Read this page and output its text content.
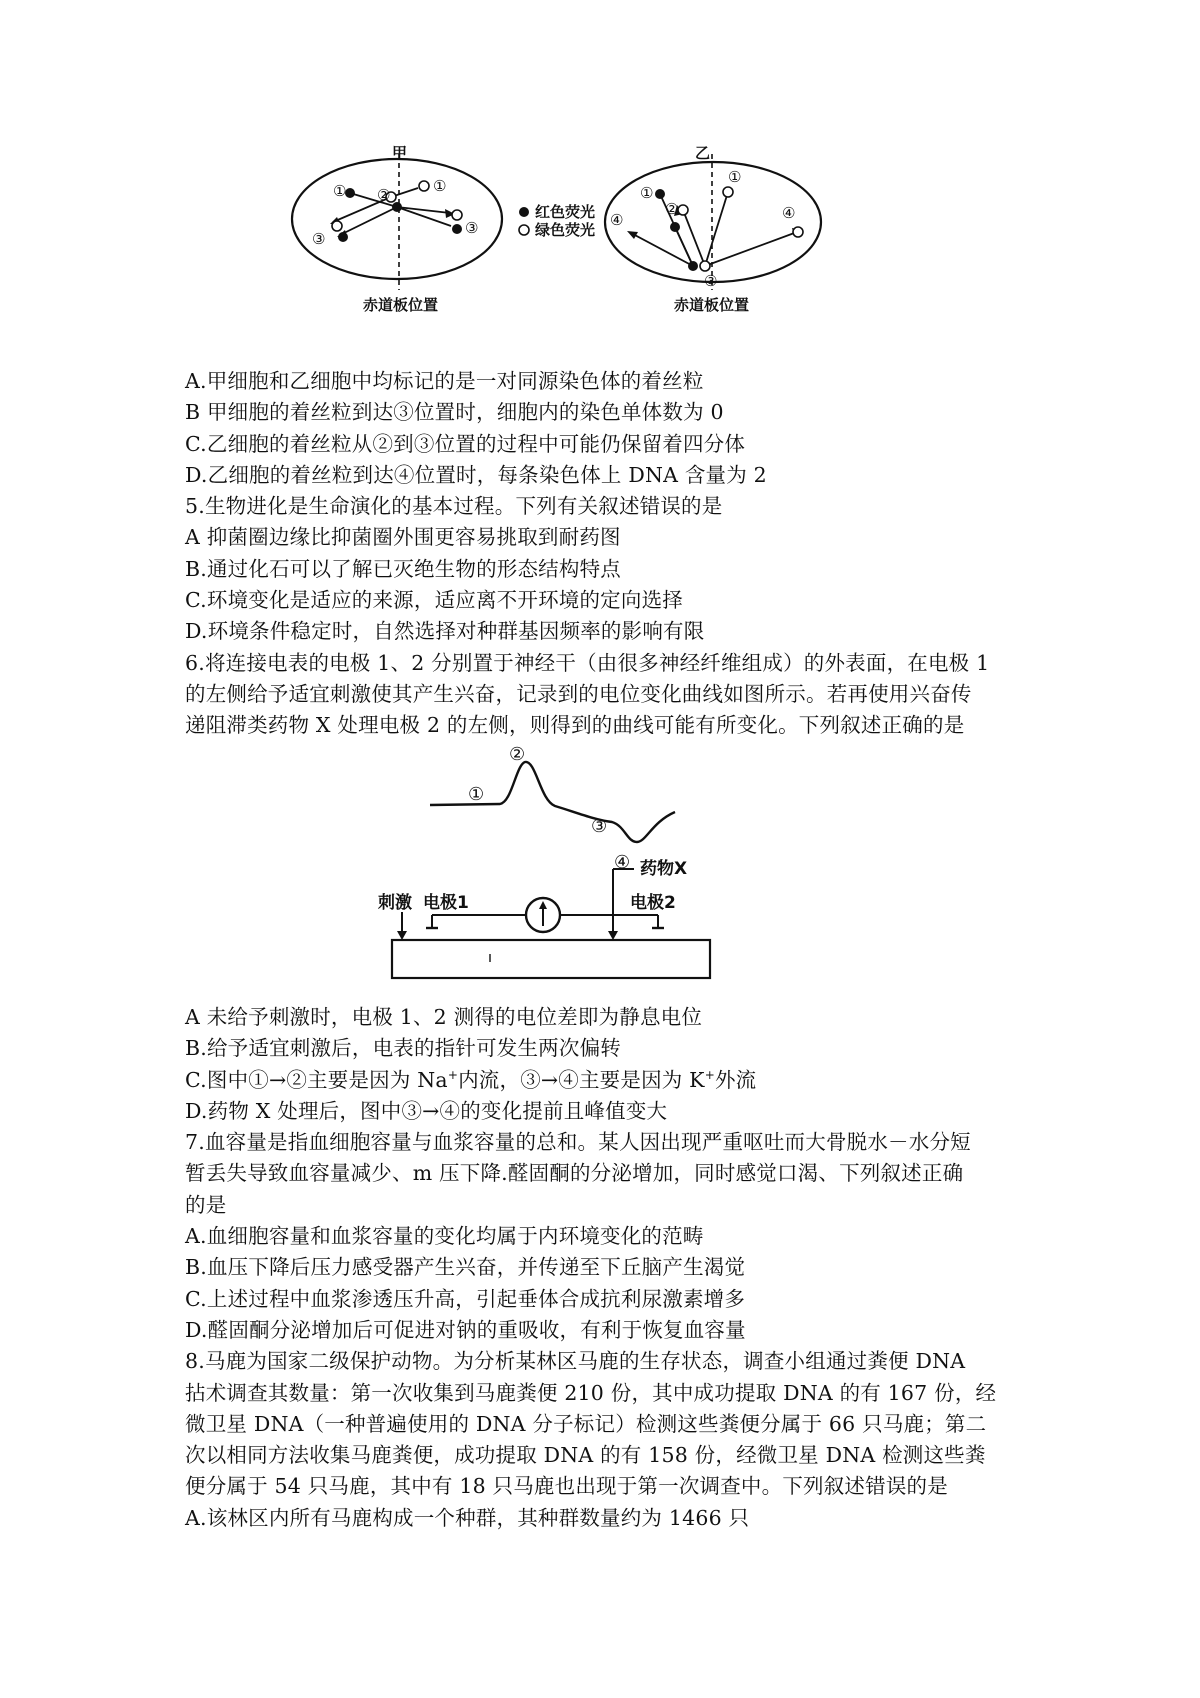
甲
赤道板位置
① ②	①
③
③
红色荧光
绿色荧光
乙
赤道板位置
①
②
①
④	④
③
A.甲细胞和乙细胞中均标记的是一对同源染色体的着丝粒
B 甲细胞的着丝粒到达③位置时，细胞内的染色单体数为 0
C.乙细胞的着丝粒从②到③位置的过程中可能仍保留着四分体
D.乙细胞的着丝粒到达④位置时，每条染色体上 DNA 含量为 2
5.生物进化是生命演化的基本过程。下列有关叙述错误的是
A 抑菌圈边缘比抑菌圈外围更容易挑取到耐药图
B.通过化石可以了解已灭绝生物的形态结构特点
C.环境变化是适应的来源，适应离不开环境的定向选择
D.环境条件稳定时，自然选择对种群基因频率的影响有限
6.将连接电表的电极 1、2 分别置于神经干（由很多神经纤维组成）的外表面，在电极 1
的左侧给予适宜刺激使其产生兴奋，记录到的电位变化曲线如图所示。若再使用兴奋传
递阻滞类药物 X 处理电极 2 的左侧，则得到的曲线可能有所变化。下列叙述正确的是
①
②
③
④
刺激 电极1	电极2
药物X
A 未给予刺激时，电极 1、2 测得的电位差即为静息电位
B.给予适宜刺激后，电表的指针可发生两次偏转
C.图中①→②主要是因为 Na+内流，③→④主要是因为 K+外流
D.药物 X 处理后，图中③→④的变化提前且峰值变大
7.血容量是指血细胞容量与血浆容量的总和。某人因出现严重呕吐而大骨脱水－水分短
暂丢失导致血容量减少、m 压下降.醛固酮的分泌增加，同时感觉口渴、下列叙述正确
的是
A.血细胞容量和血浆容量的变化均属于内环境变化的范畴
B.血压下降后压力感受器产生兴奋，并传递至下丘脑产生渴觉
C.上述过程中血浆渗透压升高，引起垂体合成抗利尿激素增多
D.醛固酮分泌增加后可促进对钠的重吸收，有利于恢复血容量
8.马鹿为国家二级保护动物。为分析某林区马鹿的生存状态，调查小组通过粪便 DNA
拈术调查其数量：第一次收集到马鹿粪便 210 份，其中成功提取 DNA 的有 167 份，经
微卫星 DNA（一种普遍使用的 DNA 分子标记）检测这些粪便分属于 66 只马鹿；第二
次以相同方法收集马鹿粪便，成功提取 DNA 的有 158 份，经微卫星 DNA 检测这些粪
便分属于 54 只马鹿，其中有 18 只马鹿也出现于第一次调查中。下列叙述错误的是
A.该林区内所有马鹿构成一个种群，其种群数量约为 1466 只
